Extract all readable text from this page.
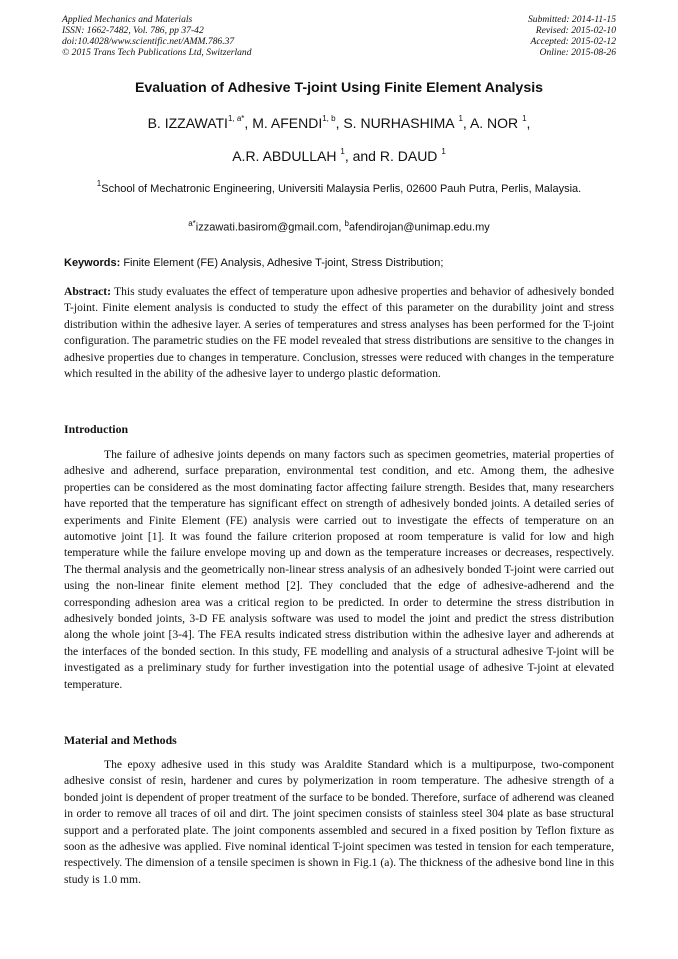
Applied Mechanics and Materials
ISSN: 1662-7482, Vol. 786, pp 37-42
doi:10.4028/www.scientific.net/AMM.786.37
© 2015 Trans Tech Publications Ltd, Switzerland
Submitted: 2014-11-15
Revised: 2015-02-10
Accepted: 2015-02-12
Online: 2015-08-26
Evaluation of Adhesive T-joint Using Finite Element Analysis
B. $IZZAWATI^{1, a*}$, M. AFENDI$^{1, b}$, S. NURHASHIMA $^1$, A. NOR $^1$,
A.R. ABDULLAH $^1$, and R. DAUD $^1$
$^1$School of Mechatronic Engineering, Universiti Malaysia Perlis, 02600 Pauh Putra, Perlis, Malaysia.
$^{a*}$izzawati.basirom@gmail.com, $^b$afendirojan@unimap.edu.my
Keywords: Finite Element (FE) Analysis, Adhesive T-joint, Stress Distribution;
Abstract: This study evaluates the effect of temperature upon adhesive properties and behavior of adhesively bonded T-joint. Finite element analysis is conducted to study the effect of this parameter on the durability joint and stress distribution within the adhesive layer. A series of temperatures and stress analyses has been performed for the T-joint configuration. The parametric studies on the FE model revealed that stress distributions are sensitive to the changes in adhesive properties due to changes in temperature. Conclusion, stresses were reduced with changes in the temperature which resulted in the ability of the adhesive layer to undergo plastic deformation.
Introduction
The failure of adhesive joints depends on many factors such as specimen geometries, material properties of adhesive and adherend, surface preparation, environmental test condition, and etc. Among them, the adhesive properties can be considered as the most dominating factor affecting failure strength. Besides that, many researchers have reported that the temperature has significant effect on strength of adhesively bonded joints. A detailed series of experiments and Finite Element (FE) analysis were carried out to investigate the effects of temperature on an automotive joint [1]. It was found the failure criterion proposed at room temperature is valid for low and high temperature while the failure envelope moving up and down as the temperature increases or decreases, respectively. The thermal analysis and the geometrically non-linear stress analysis of an adhesively bonded T-joint were carried out using the non-linear finite element method [2]. They concluded that the edge of adhesive-adherend and the corresponding adhesion area was a critical region to be predicted. In order to determine the stress distribution in adhesively bonded joints, 3-D FE analysis software was used to model the joint and predict the stress distribution along the whole joint [3-4]. The FEA results indicated stress distribution within the adhesive layer and adherends at the interfaces of the bonded section. In this study, FE modelling and analysis of a structural adhesive T-joint will be investigated as a preliminary study for further investigation into the potential usage of adhesive T-joint at elevated temperature.
Material and Methods
The epoxy adhesive used in this study was Araldite Standard which is a multipurpose, two-component adhesive consist of resin, hardener and cures by polymerization in room temperature. The adhesive strength of a bonded joint is dependent of proper treatment of the surface to be bonded. Therefore, surface of adherend was cleaned in order to remove all traces of oil and dirt. The joint specimen consists of stainless steel 304 plate as base structural support and a perforated plate. The joint components assembled and secured in a fixed position by Teflon fixture as soon as the adhesive was applied. Five nominal identical T-joint specimen was tested in tension for each temperature, respectively. The dimension of a tensile specimen is shown in Fig.1 (a). The thickness of the adhesive bond line in this study is 1.0 mm.
